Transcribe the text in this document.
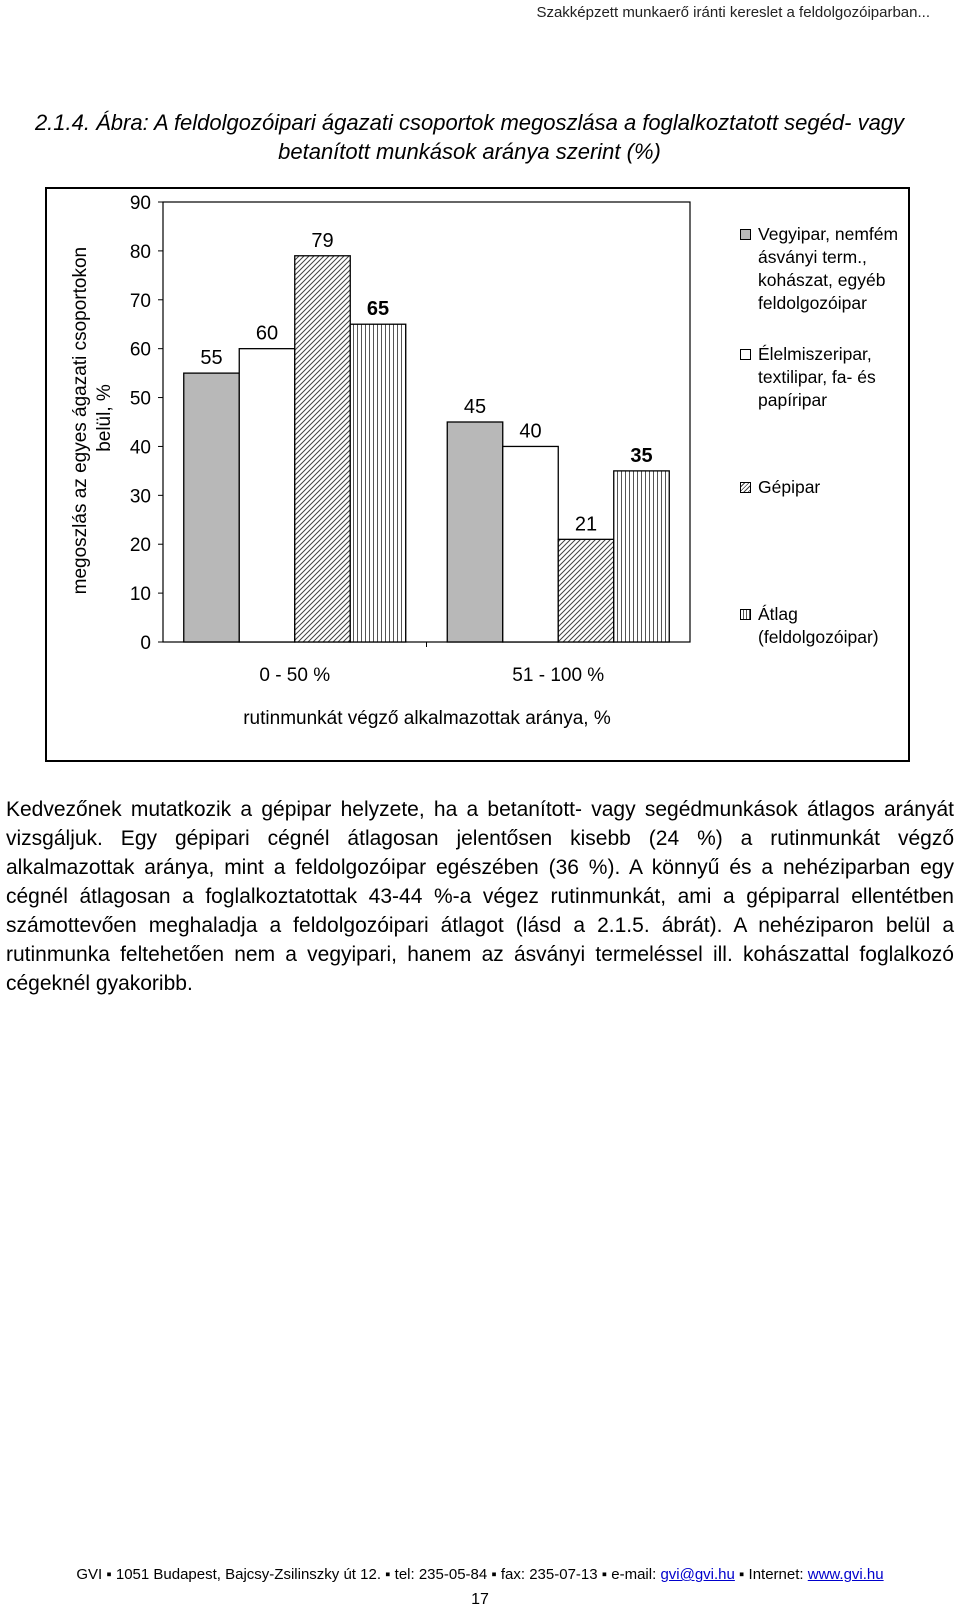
Szakképzett munkaerő iránti kereslet a feldolgozóiparban...
2.1.4. Ábra: A feldolgozóipari ágazati csoportok megoszlása a foglalkoztatott segéd- vagy betanított munkások aránya szerint (%)
0
10
20
30
40
50
60
70
80
90
55
60
79
65
0 - 50 %
45
40
21
35
51 - 100 %
megoszlás az egyes ágazati csoportokon belül, %
rutinmunkát végző alkalmazottak aránya, %
Vegyipar, nemfém ásványi term., kohászat, egyéb feldolgozóipar
Élelmiszeripar, textilipar, fa- és papíripar
Gépipar
Átlag (feldolgozóipar)
Kedvezőnek mutatkozik a gépipar helyzete, ha a betanított- vagy segédmunkások átlagos arányát vizsgáljuk. Egy gépipari cégnél átlagosan jelentősen kisebb (24 %) a rutinmunkát végző alkalmazottak aránya, mint a feldolgozóipar egészében (36 %). A könnyű és a nehéziparban egy cégnél átlagosan a foglalkoztatottak 43-44 %-a végez rutinmunkát, ami a gépiparral ellentétben számottevően meghaladja a feldolgozóipari átlagot (lásd a 2.1.5. ábrát). A nehéziparon belül a rutinmunka feltehetően nem a vegyipari, hanem az ásványi termeléssel ill. kohászattal foglalkozó cégeknél gyakoribb.
GVI ▪ 1051 Budapest, Bajcsy-Zsilinszky út 12. ▪ tel: 235-05-84 ▪ fax: 235-07-13 ▪ e-mail: gvi@gvi.hu ▪ Internet: www.gvi.hu
17
